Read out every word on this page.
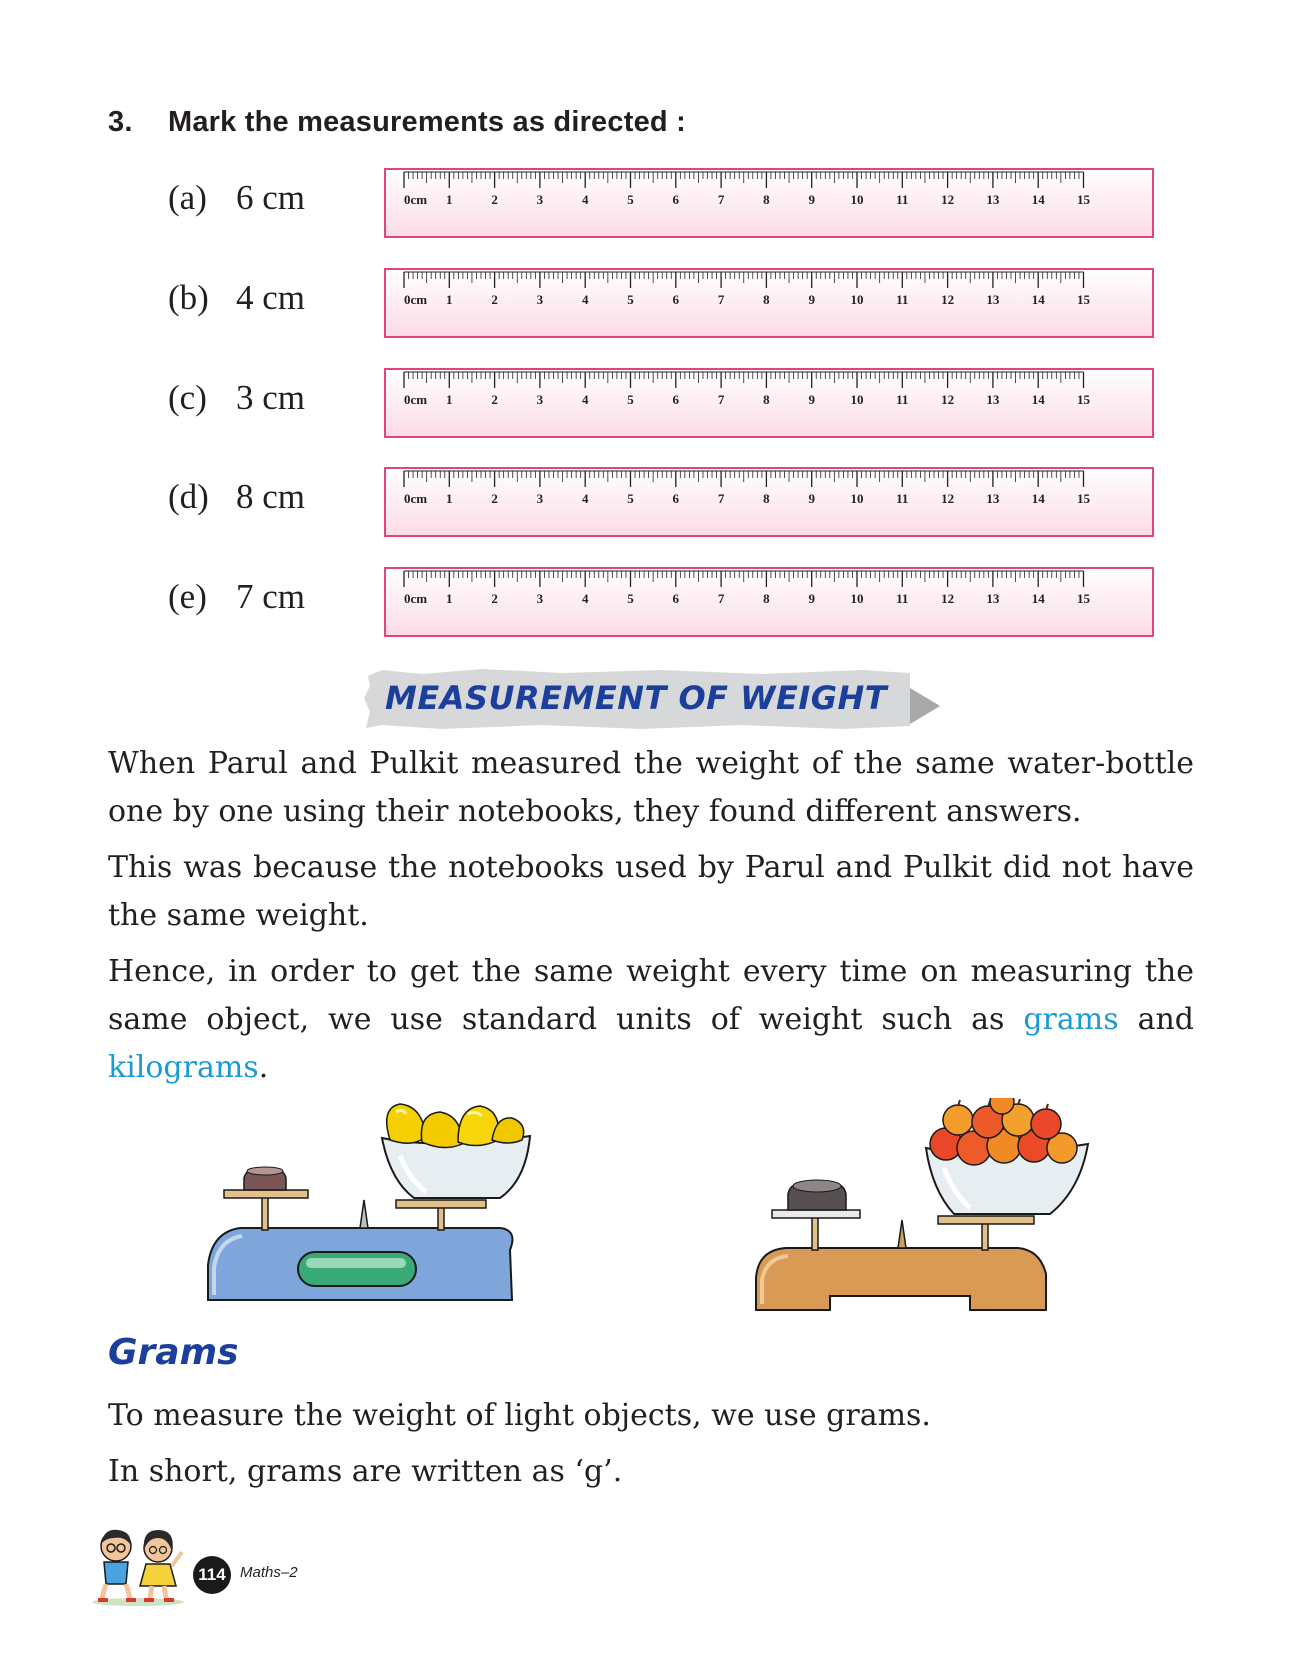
3. Mark the measurements as directed :
(a) 6 cm	0cm 1	2	3	4	5	6	7	8	9	10	11	12 13 14 15
(b) 4 cm	0cm 1	2	3	4	5	6	7	8	9	10	11	12 13 14 15
(c) 3 cm	0cm 1	2	3	4	5	6	7	8	9	10	11	12 13 14 15
(d) 8 cm	0cm 1	2	3	4	5	6	7	8	9	10	11	12 13 14 15
(e) 7 cm	0cm 1	2	3	4	5	6	7	8	9	10	11	12 13 14 15
MEASUREMENT OF WEIGHT
When Parul and Pulkit measured the weight of the same water-bottle one by one using their notebooks, they found different answers.
This was because the notebooks used by Parul and Pulkit did not have the same weight.
Hence, in order to get the same weight every time on measuring the same object, we use standard units of weight such as grams and kilograms.
Grams
To measure the weight of light objects, we use grams.
In short, grams are written as ‘g’.
114 Maths–2
